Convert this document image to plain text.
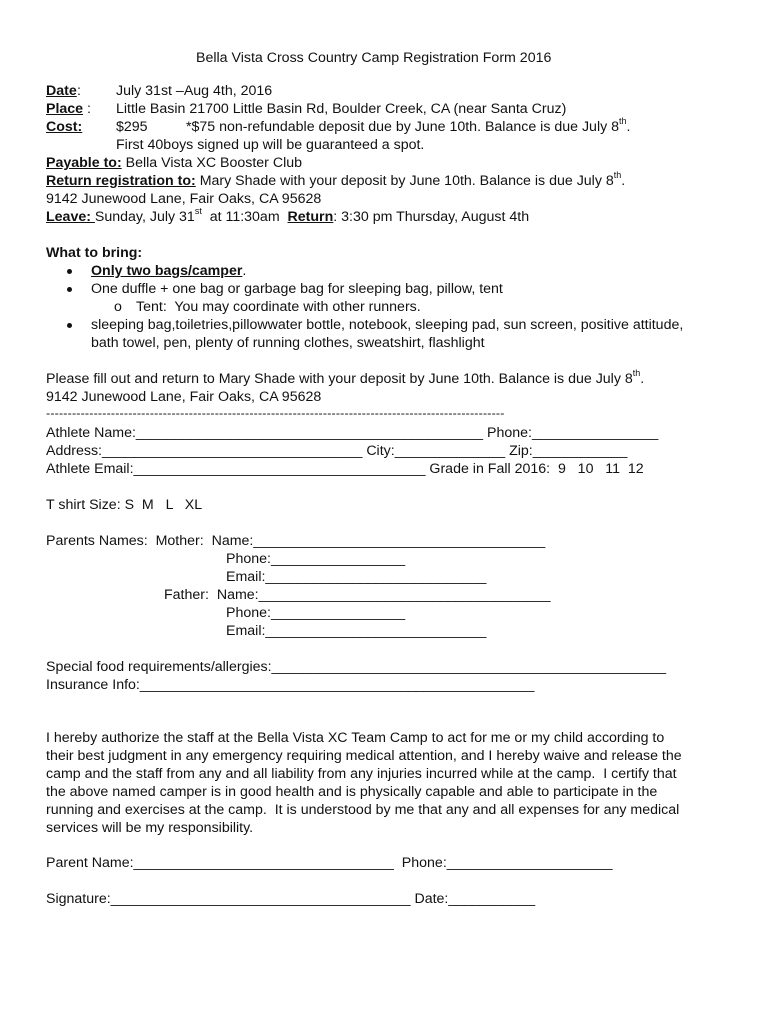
Bella Vista Cross Country Camp Registration Form 2016
Date : July 31st –Aug 4th, 2016
Place : Little Basin 21700 Little Basin Rd, Boulder Creek, CA (near Santa Cruz)
Cost: $295	*$75 non-refundable deposit due by June 10th. Balance is due July 8th.
First 40boys signed up will be guaranteed a spot.
Payable to: Bella Vista XC Booster Club
Return registration to: Mary Shade with your deposit by June 10th. Balance is due July 8th.
9142 Junewood Lane, Fair Oaks, CA 95628
Leave: Sunday, July 31st  at 11:30am  Return: 3:30 pm Thursday, August 4th
What to bring:
Only two bags/camper.
One duffle + one bag or garbage bag for sleeping bag, pillow, tent
o Tent:  You may coordinate with other runners.
sleeping bag,toiletries,pillowwater bottle, notebook, sleeping pad, sun screen, positive attitude,
bath towel, pen, plenty of running clothes, sweatshirt, flashlight
Please fill out and return to Mary Shade with your deposit by June 10th. Balance is due July 8th.
9142 Junewood Lane, Fair Oaks, CA 95628
----------------------------------------------------------------------------------------------------------
Athlete Name:____________________________________________ Phone:________________
Address:_________________________________ City:______________ Zip:____________
Athlete Email:_____________________________________ Grade in Fall 2016:  9   10   11  12
T shirt Size: S  M   L   XL
Parents Names:  Mother:  Name:_____________________________________
Phone:_________________
Email:____________________________
Father:  Name:_____________________________________
Phone:_________________
Email:____________________________
Special food requirements/allergies:__________________________________________________
Insurance Info:__________________________________________________
I hereby authorize the staff at the Bella Vista XC Team Camp to act for me or my child according to
their best judgment in any emergency requiring medical attention, and I hereby waive and release the
camp and the staff from any and all liability from any injuries incurred while at the camp.  I certify that
the above named camper is in good health and is physically capable and able to participate in the
running and exercises at the camp.  It is understood by me that any and all expenses for any medical
services will be my responsibility.
Parent Name:_________________________________  Phone:_____________________
Signature:______________________________________ Date:___________
